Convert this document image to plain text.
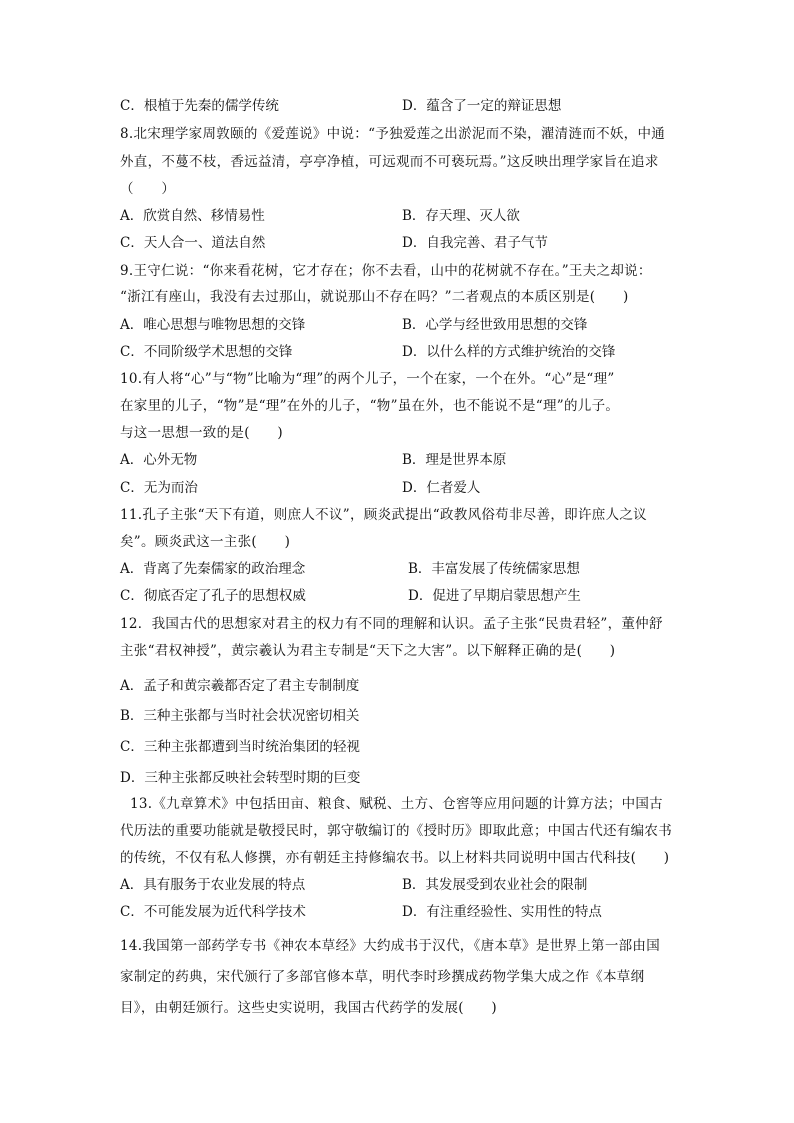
C．根植于先秦的儒学传统	D．蕴含了一定的辩证思想
8.北宋理学家周敦颐的《爱莲说》中说：“予独爱莲之出淤泥而不染，濯清涟而不妖，中通
外直，不蔓不枝，香远益清，亭亭净植，可远观而不可亵玩焉。”这反映出理学家旨在追求
（　　）
A．欣赏自然、移情易性	B．存天理、灭人欲
C．天人合一、道法自然	D．自我完善、君子气节
9.王守仁说：“你来看花树，它才存在；你不去看，山中的花树就不存在。”王夫之却说：
“浙江有座山，我没有去过那山，就说那山不存在吗？”二者观点的本质区别是(　　)
A．唯心思想与唯物思想的交锋	B．心学与经世致用思想的交锋
C．不同阶级学术思想的交锋	D．以什么样的方式维护统治的交锋
10.有人将“心”与“物”比喻为“理”的两个儿子，一个在家，一个在外。“心”是“理”
在家里的儿子，“物”是“理”在外的儿子，“物”虽在外，也不能说不是“理”的儿子。
与这一思想一致的是(　　)
A．心外无物	B．理是世界本原
C．无为而治	D．仁者爱人
11.孔子主张“天下有道，则庶人不议”，顾炎武提出“政教风俗苟非尽善，即许庶人之议
矣”。顾炎武这一主张(　　)
A．背离了先秦儒家的政治理念	B．丰富发展了传统儒家思想
C．彻底否定了孔子的思想权威	D．促进了早期启蒙思想产生
12．我国古代的思想家对君主的权力有不同的理解和认识。孟子主张“民贵君轻”，董仲舒
主张“君权神授”，黄宗羲认为君主专制是“天下之大害”。以下解释正确的是(　　)
A．孟子和黄宗羲都否定了君主专制制度
B．三种主张都与当时社会状况密切相关
C．三种主张都遭到当时统治集团的轻视
D．三种主张都反映社会转型时期的巨变
13.《九章算术》中包括田亩、粮食、赋税、土方、仓窖等应用问题的计算方法；中国古
代历法的重要功能就是敬授民时，郭守敬编订的《授时历》即取此意；中国古代还有编农书
的传统，不仅有私人修撰，亦有朝廷主持修编农书。以上材料共同说明中国古代科技(　　)
A．具有服务于农业发展的特点	B．其发展受到农业社会的限制
C．不可能发展为近代科学技术	D．有注重经验性、实用性的特点
14.我国第一部药学专书《神农本草经》大约成书于汉代，《唐本草》是世界上第一部由国
家制定的药典，宋代颁行了多部官修本草，明代李时珍撰成药物学集大成之作《本草纲
目》，由朝廷颁行。这些史实说明，我国古代药学的发展(　　)
